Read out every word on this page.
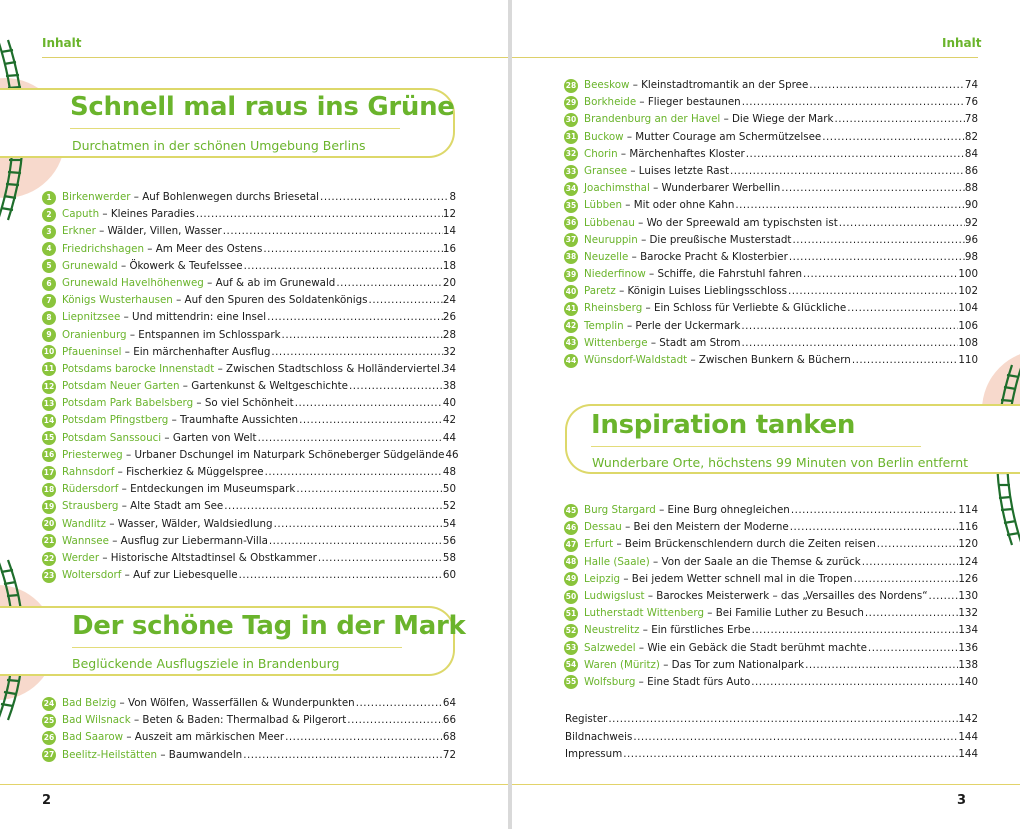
Inhalt
Schnell mal raus ins Grüne
Durchatmen in der schönen Umgebung Berlins
1	Birkenwerder – Auf Bohlenwegen durchs Briesetal .....	8
2	Caputh – Kleines Paradies .....	12
3	Erkner – Wälder, Villen, Wasser .....	14
4	Friedrichshagen – Am Meer des Ostens .....	16
5	Grunewald – Ökowerk & Teufelssee .....	18
6	Grunewald Havelhöhenweg – Auf & ab im Grunewald .....	20
7	Königs Wusterhausen – Auf den Spuren des Soldatenkönigs .....	24
8	Liepnitzsee – Und mittendrin: eine Insel .....	26
9	Oranienburg – Entspannen im Schlosspark .....	28
10 Pfaueninsel – Ein märchenhafter Ausflug .....	32
11 Potsdams barocke Innenstadt – Zwischen Stadtschloss & Holländerviertel ..... 34
12 Potsdam Neuer Garten – Gartenkunst & Weltgeschichte .....	38
13 Potsdam Park Babelsberg – So viel Schönheit .....	40
14 Potsdam Pfingstberg – Traumhafte Aussichten .....	42
15 Potsdam Sanssouci – Garten von Welt .....	44
16 Priesterweg – Urbaner Dschungel im Naturpark Schöneberger Südgelände 46
17 Rahnsdorf – Fischerkiez & Müggelspree .....	48
18 Rüdersdorf – Entdeckungen im Museumspark .....	50
19 Strausberg – Alte Stadt am See .....	52
20 Wandlitz – Wasser, Wälder, Waldsiedlung .....	54
21 Wannsee – Ausflug zur Liebermann-Villa .....	56
22 Werder – Historische Altstadtinsel & Obstkammer .....	58
23 Woltersdorf – Auf zur Liebesquelle .....	60
Der schöne Tag in der Mark
Beglückende Ausflugsziele in Brandenburg
24 Bad Belzig – Von Wölfen, Wasserfällen & Wunderpunkten .....	64
25 Bad Wilsnack – Beten & Baden: Thermalbad & Pilgerort .....	66
26 Bad Saarow – Auszeit am märkischen Meer .....	68
27 Beelitz-Heilstätten – Baumwandeln .....	72
2
Inhalt
28 Beeskow – Kleinstadtromantik an der Spree .....	74
29 Borkheide – Flieger bestaunen .....	76
30 Brandenburg an der Havel – Die Wiege der Mark .....	78
31 Buckow – Mutter Courage am Schermützelsee .....	82
32 Chorin – Märchenhaftes Kloster .....	84
33 Gransee – Luises letzte Rast .....	86
34 Joachimsthal – Wunderbarer Werbellin .....	88
35 Lübben – Mit oder ohne Kahn .....	90
36 Lübbenau – Wo der Spreewald am typischsten ist .....	92
37 Neuruppin – Die preußische Musterstadt .....	96
38 Neuzelle – Barocke Pracht & Klosterbier .....	98
39 Niederfinow – Schiffe, die Fahrstuhl fahren .....	100
40 Paretz – Königin Luises Lieblingsschloss .....	102
41 Rheinsberg – Ein Schloss für Verliebte & Glückliche .....	104
42 Templin – Perle der Uckermark .....	106
43 Wittenberge – Stadt am Strom .....	108
44 Wünsdorf-Waldstadt – Zwischen Bunkern & Büchern .....	110
Inspiration tanken
Wunderbare Orte, höchstens 99 Minuten von Berlin entfernt
45 Burg Stargard – Eine Burg ohnegleichen .....	114
46 Dessau – Bei den Meistern der Moderne .....	116
47 Erfurt – Beim Brückenschlendern durch die Zeiten reisen .....	120
48 Halle (Saale) – Von der Saale an die Themse & zurück .....	124
49 Leipzig – Bei jedem Wetter schnell mal in die Tropen .....	126
50 Ludwigslust – Barockes Meisterwerk – das „Versailles des Nordens“ .....	130
51 Lutherstadt Wittenberg – Bei Familie Luther zu Besuch .....	132
52 Neustrelitz – Ein fürstliches Erbe .....	134
53 Salzwedel – Wie ein Gebäck die Stadt berühmt machte .....	136
54 Waren (Müritz) – Das Tor zum Nationalpark .....	138
55 Wolfsburg – Eine Stadt fürs Auto .....	140
Register .....	142
Bildnachweis .....	144
Impressum .....	144
3
